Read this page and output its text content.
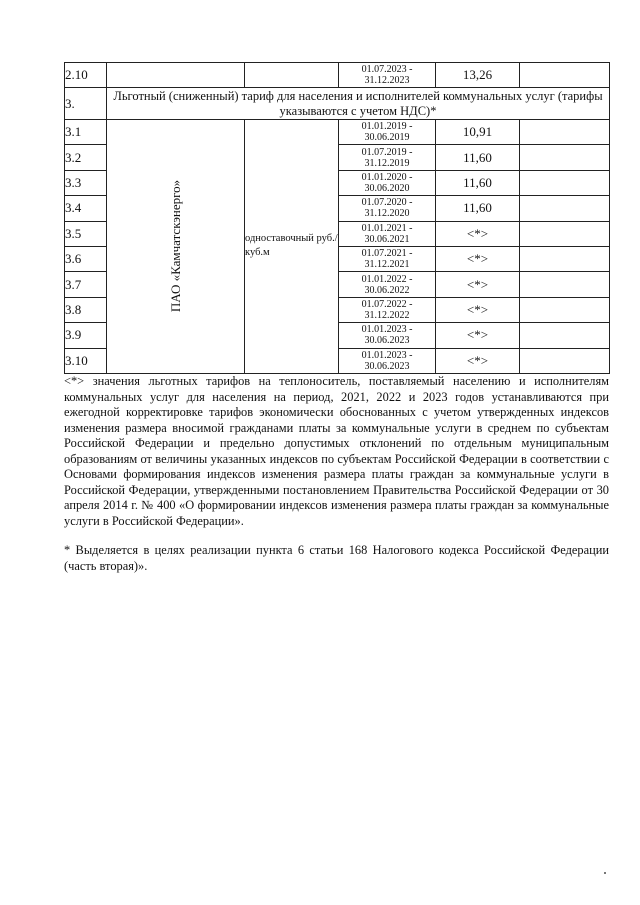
2.10			01.07.2023 - 31.12.2023	13,26	
3.	Льготный (сниженный) тариф для населения и исполнителей коммунальных услуг (тарифы указываются с учетом НДС)*				
3.1	ПАО «Камчатскэнерго»	одноставочный руб./куб.м	01.01.2019 - 30.06.2019	10,91	
3.2			01.07.2019 - 31.12.2019	11,60	
3.3			01.01.2020 - 30.06.2020	11,60	
3.4			01.07.2020 - 31.12.2020	11,60	
3.5			01.01.2021 - 30.06.2021	<*>	
3.6			01.07.2021 - 31.12.2021	<*>	
3.7			01.01.2022 - 30.06.2022	<*>	
3.8			01.07.2022 - 31.12.2022	<*>	
3.9			01.01.2023 - 30.06.2023	<*>	
3.10			01.01.2023 - 30.06.2023	<*>	

<*> значения льготных тарифов на теплоноситель, поставляемый населению и исполнителям коммунальных услуг для населения на период, 2021, 2022 и 2023 годов устанавливаются при ежегодной корректировке тарифов экономически обоснованных с учетом утвержденных индексов изменения размера вносимой гражданами платы за коммунальные услуги в среднем по субъектам Российской Федерации и предельно допустимых отклонений по отдельным муниципальным образованиям от величины указанных индексов по субъектам Российской Федерации в соответствии с Основами формирования индексов изменения размера платы граждан за коммунальные услуги в Российской Федерации, утвержденными постановлением Правительства Российской Федерации от 30 апреля 2014 г. № 400 «О формировании индексов изменения размера платы граждан за коммунальные услуги в Российской Федерации».

* Выделяется в целях реализации пункта 6 статьи 168 Налогового кодекса Российской Федерации (часть вторая)».
